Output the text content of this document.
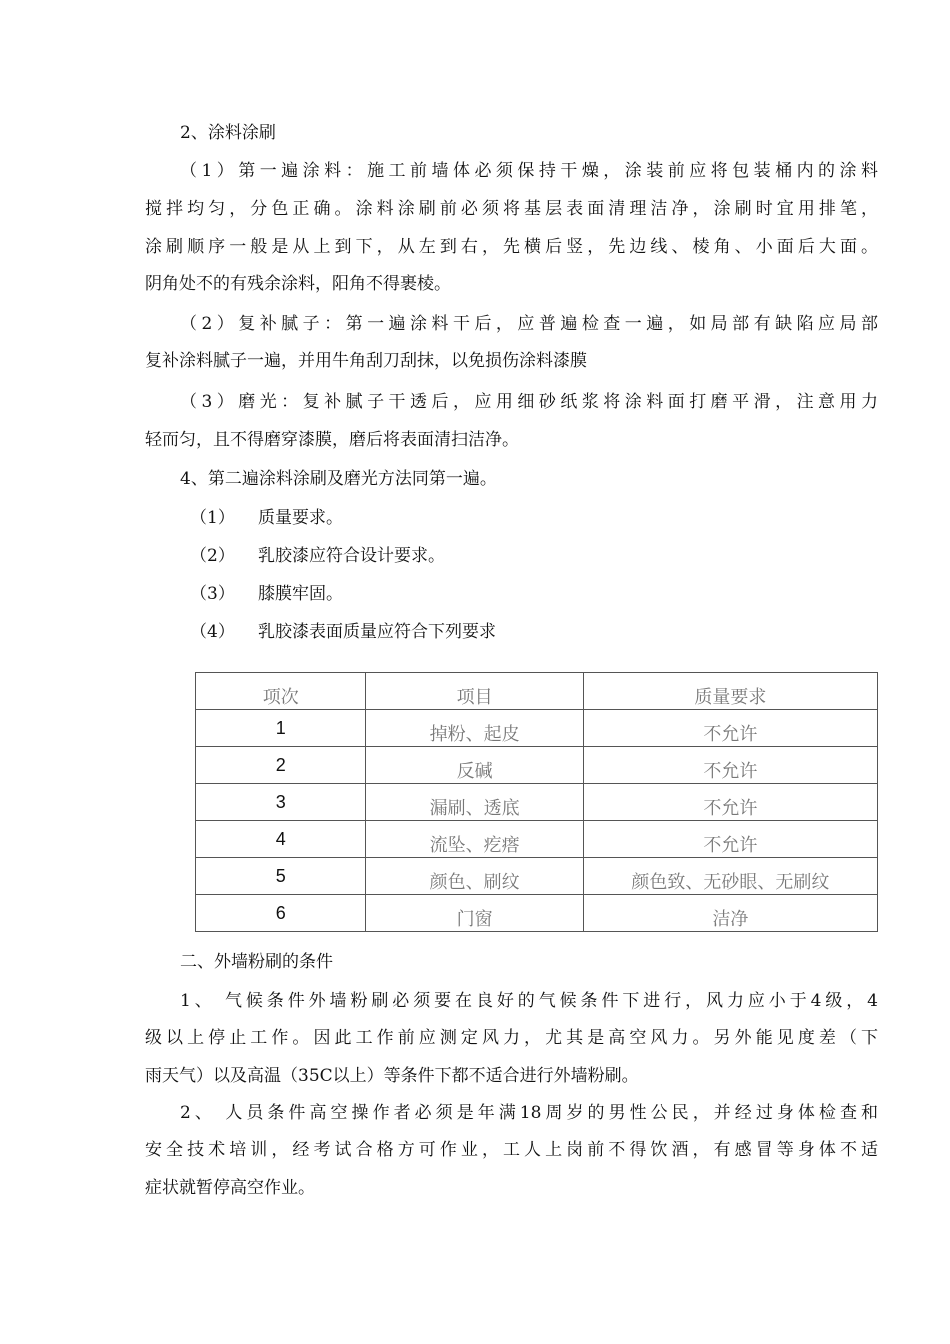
2、涂料涂刷
（1）第一遍涂料：施工前墙体必须保持干燥，涂装前应将包装桶内的涂料
搅拌均匀，分色正确。涂料涂刷前必须将基层表面清理洁净，涂刷时宜用排笔，
涂刷顺序一般是从上到下，从左到右，先横后竖，先边线、棱角、小面后大面。
阴角处不的有残余涂料，阳角不得裹棱。
（2）复补腻子：第一遍涂料干后，应普遍检查一遍，如局部有缺陷应局部
复补涂料腻子一遍，并用牛角刮刀刮抹，以免损伤涂料漆膜
（3）磨光：复补腻子干透后，应用细砂纸浆将涂料面打磨平滑，注意用力
轻而匀，且不得磨穿漆膜，磨后将表面清扫洁净。
4、第二遍涂料涂刷及磨光方法同第一遍。
（1） 质量要求。
（2） 乳胶漆应符合设计要求。
（3） 膝膜牢固。
（4） 乳胶漆表面质量应符合下列要求
项次	项目	质量要求
1	掉粉、起皮	不允许
2	反碱	不允许
3	漏刷、透底	不允许
4	流坠、疙瘩	不允许
5	颜色、刷纹	颜色致、无砂眼、无刷纹
6	门窗	洁净
二、外墙粉刷的条件
1、 气候条件外墙粉刷必须要在良好的气候条件下进行，风力应小于4级，4
级以上停止工作。因此工作前应测定风力，尤其是高空风力。另外能见度差（下
雨天气）以及高温（35C以上）等条件下都不适合进行外墙粉刷。
2、 人员条件高空操作者必须是年满18周岁的男性公民，并经过身体检查和
安全技术培训，经考试合格方可作业，工人上岗前不得饮酒，有感冒等身体不适
症状就暂停高空作业。
